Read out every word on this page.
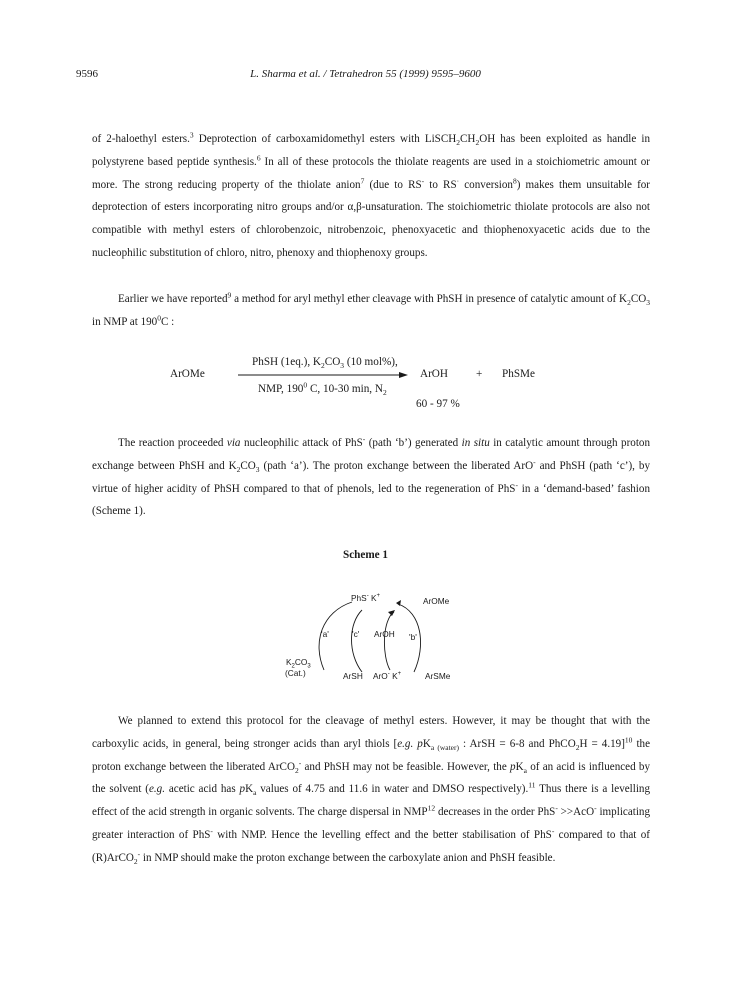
9596	L. Sharma et al. / Tetrahedron 55 (1999) 9595–9600

of 2-haloethyl esters.$^3$ Deprotection of carboxamidomethyl esters with $LiSCH_2CH_2OH$ has been exploited as handle in polystyrene based peptide synthesis.$^6$ In all of these protocols the thiolate reagents are used in a stoichiometric amount or more. The strong reducing property of the thiolate anion$^7$ (due to RS- to RS· conversion$^8$) makes them unsuitable for deprotection of esters incorporating nitro groups and/or α,β-unsaturation. The stoichiometric thiolate protocols are also not compatible with methyl esters of chlorobenzoic, nitrobenzoic, phenoxyacetic and thiophenoxyacetic acids due to the nucleophilic substitution of chloro, nitro, phenoxy and thiophenoxy groups.

Earlier we have reported$^9$ a method for aryl methyl ether cleavage with PhSH in presence of catalytic amount of $K_2CO_3$ in NMP at $190^0C$ :

ArOMe
PhSH (1eq.), $K_2CO_3$ (10 mol%),
NMP, $190^0$ C, 10-30 min, $N_2$
ArOH	+ PhSMe
60 - 97 %

The reaction proceeded via nucleophilic attack of PhS- (path ‘b’) generated in situ in catalytic amount through proton exchange between PhSH and $K_2CO_3$ (path ‘a’). The proton exchange between the liberated ArO- and PhSH (path ‘c’), by virtue of higher acidity of PhSH compared to that of phenols, led to the regeneration of PhS- in a ‘demand-based’ fashion (Scheme 1).

Scheme 1
PhS- K+	ArOMe
'a'	'c' ArOH 'b'
$K_2CO_3$
(Cat.)	ArSH ArO- K+	ArSMe

We planned to extend this protocol for the cleavage of methyl esters. However, it may be thought that with the carboxylic acids, in general, being stronger acids than aryl thiols [e.g. $pK_{a (water)}$ : ArSH = 6-8 and PhCO$_2$H = 4.19]$^{10}$ the proton exchange between the liberated ArCO$_2$- and PhSH may not be feasible. However, the $pK_a$ of an acid is influenced by the solvent (e.g. acetic acid has $pK_a$ values of 4.75 and 11.6 in water and DMSO respectively).$^{11}$ Thus there is a levelling effect of the acid strength in organic solvents. The charge dispersal in NMP$^{12}$ decreases in the order PhS- >>AcO- implicating greater interaction of PhS- with NMP. Hence the levelling effect and the better stabilisation of PhS- compared to that of (R)ArCO$_2$- in NMP should make the proton exchange between the carboxylate anion and PhSH feasible.
